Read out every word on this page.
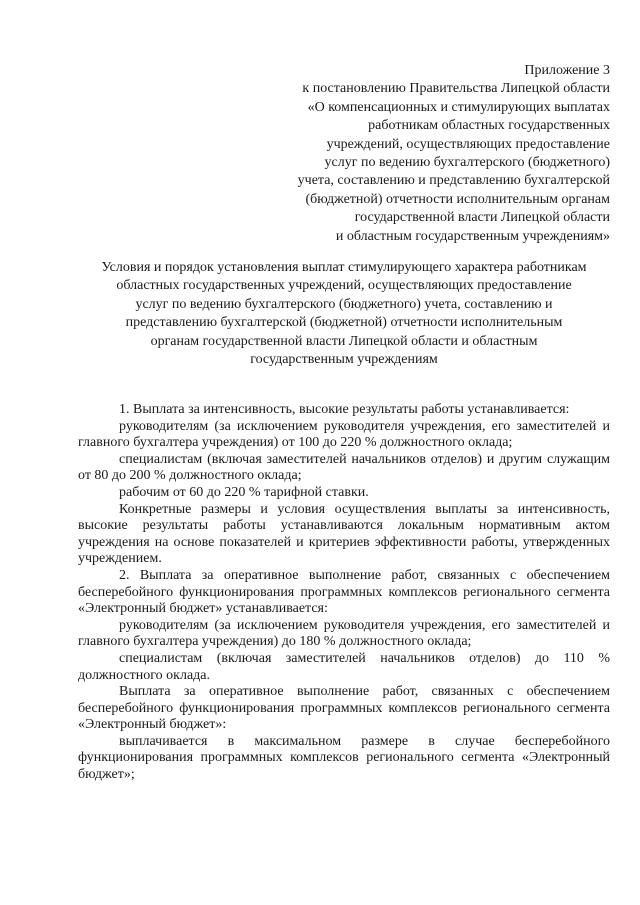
Приложение 3
к постановлению Правительства Липецкой области
«О компенсационных и стимулирующих выплатах
работникам областных государственных
учреждений, осуществляющих предоставление
услуг по ведению бухгалтерского (бюджетного)
учета, составлению и представлению бухгалтерской
(бюджетной) отчетности исполнительным органам
государственной власти Липецкой области
и областным государственным учреждениям»
Условия и порядок установления выплат стимулирующего характера работникам
областных государственных учреждений, осуществляющих предоставление
услуг по ведению бухгалтерского (бюджетного) учета, составлению и
представлению бухгалтерской (бюджетной) отчетности исполнительным
органам государственной власти Липецкой области и областным
государственным учреждениям

1. Выплата за интенсивность, высокие результаты работы устанавливается:

руководителям (за исключением руководителя учреждения, его заместителей и главного бухгалтера учреждения) от 100 до 220 % должностного оклада;

специалистам (включая заместителей начальников отделов) и другим служащим от 80 до 200 % должностного оклада;

рабочим от 60 до 220 % тарифной ставки.

Конкретные размеры и условия осуществления выплаты за интенсивность, высокие результаты работы устанавливаются локальным нормативным актом учреждения на основе показателей и критериев эффективности работы, утвержденных учреждением.

2. Выплата за оперативное выполнение работ, связанных с обеспечением бесперебойного функционирования программных комплексов регионального сегмента «Электронный бюджет» устанавливается:

руководителям (за исключением руководителя учреждения, его заместителей и главного бухгалтера учреждения) до 180 % должностного оклада;

специалистам (включая заместителей начальников отделов) до 110 % должностного оклада.

Выплата за оперативное выполнение работ, связанных с обеспечением бесперебойного функционирования программных комплексов регионального сегмента «Электронный бюджет»:

выплачивается в максимальном размере в случае бесперебойного функционирования программных комплексов регионального сегмента «Электронный бюджет»;
